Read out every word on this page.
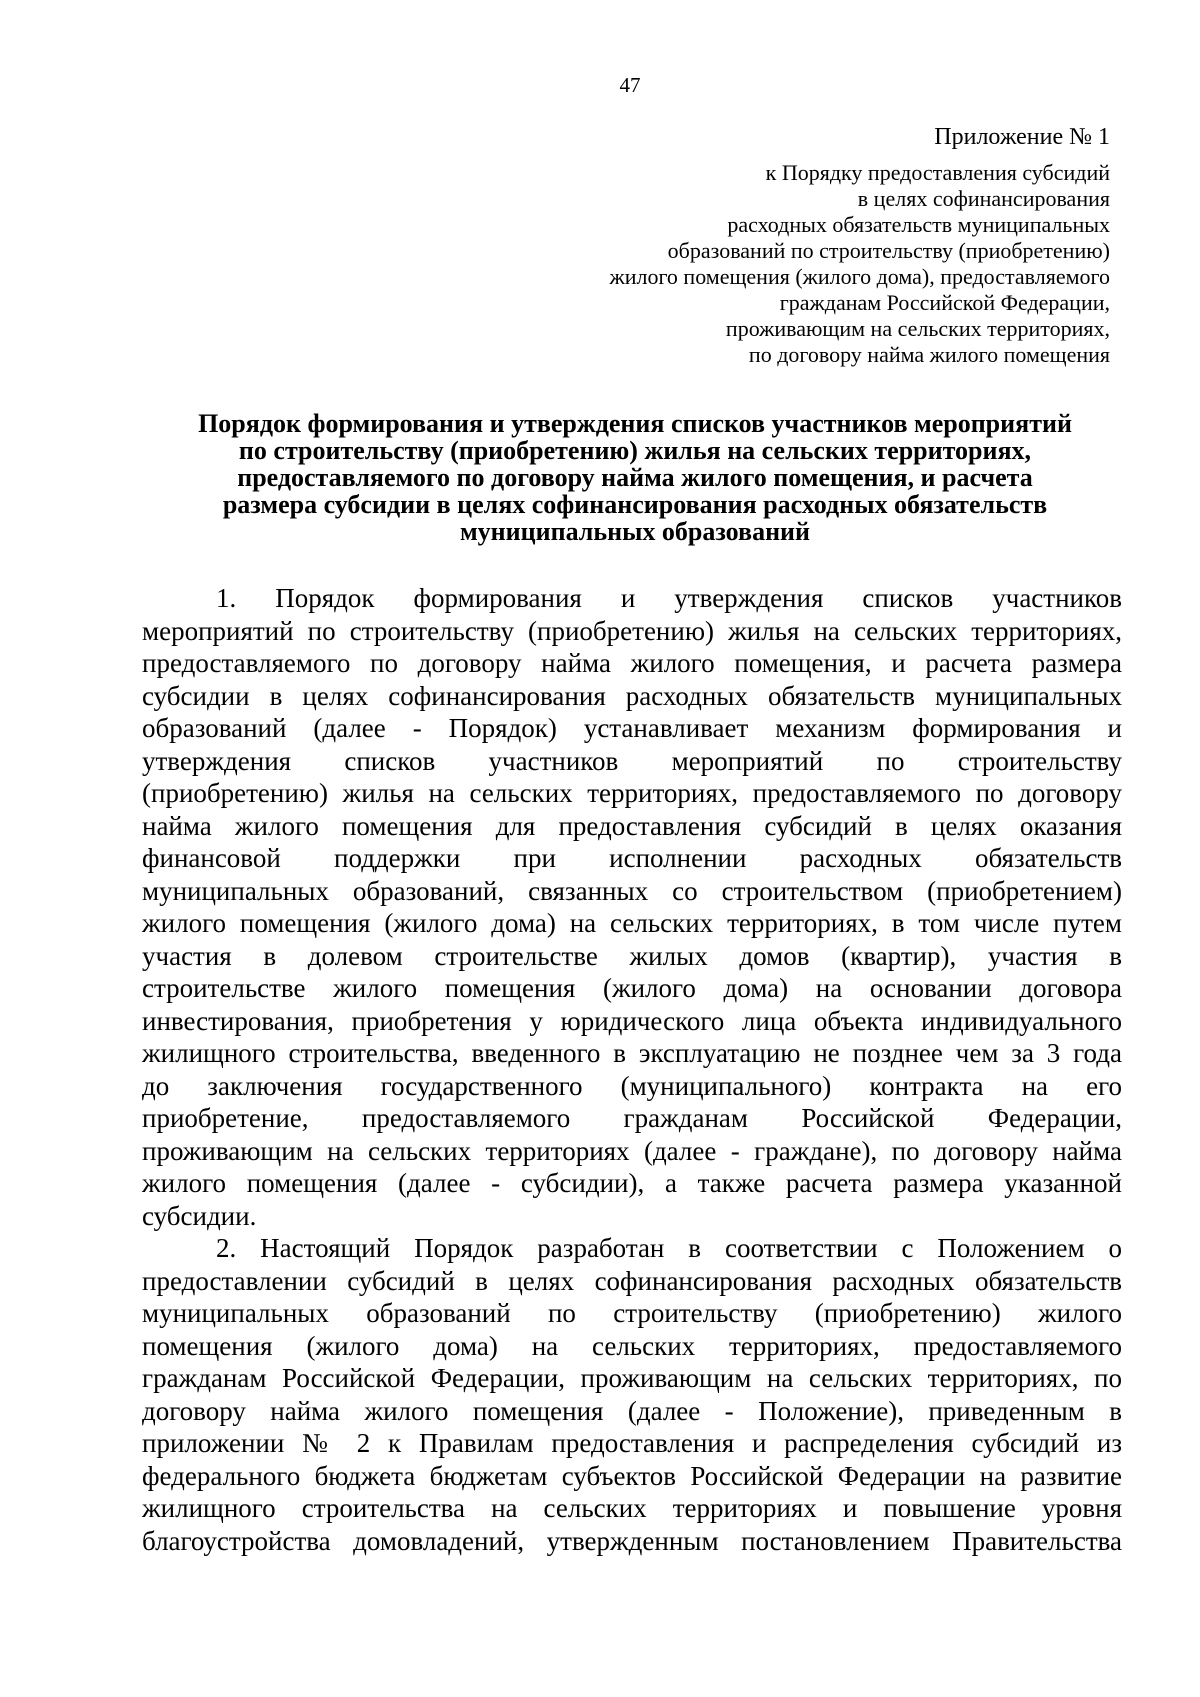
47
Приложение № 1
к Порядку предоставления субсидий
в целях софинансирования
расходных обязательств муниципальных
образований по строительству (приобретению)
жилого помещения (жилого дома), предоставляемого
гражданам Российской Федерации,
проживающим на сельских территориях,
по договору найма жилого помещения
Порядок формирования и утверждения списков участников мероприятий
по строительству (приобретению) жилья на сельских территориях,
предоставляемого по договору найма жилого помещения, и расчета
размера субсидии в целях софинансирования расходных обязательств
муниципальных образований
1. Порядок формирования и утверждения списков участников
мероприятий по строительству (приобретению) жилья на сельских территориях,
предоставляемого по договору найма жилого помещения, и расчета размера
субсидии в целях софинансирования расходных обязательств муниципальных
образований (далее - Порядок) устанавливает механизм формирования и
утверждения списков участников мероприятий по строительству
(приобретению) жилья на сельских территориях, предоставляемого по договору
найма жилого помещения для предоставления субсидий в целях оказания
финансовой поддержки при исполнении расходных обязательств
муниципальных образований, связанных со строительством (приобретением)
жилого помещения (жилого дома) на сельских территориях, в том числе путем
участия в долевом строительстве жилых домов (квартир), участия в
строительстве жилого помещения (жилого дома) на основании договора
инвестирования, приобретения у юридического лица объекта индивидуального
жилищного строительства, введенного в эксплуатацию не позднее чем за 3 года
до заключения государственного (муниципального) контракта на его
приобретение, предоставляемого гражданам Российской Федерации,
проживающим на сельских территориях (далее - граждане), по договору найма
жилого помещения (далее - субсидии), а также расчета размера указанной
субсидии.
2. Настоящий Порядок разработан в соответствии с Положением о
предоставлении субсидий в целях софинансирования расходных обязательств
муниципальных образований по строительству (приобретению) жилого
помещения (жилого дома) на сельских территориях, предоставляемого
гражданам Российской Федерации, проживающим на сельских территориях, по
договору найма жилого помещения (далее - Положение), приведенным в
приложении № 2 к Правилам предоставления и распределения субсидий из
федерального бюджета бюджетам субъектов Российской Федерации на развитие
жилищного строительства на сельских территориях и повышение уровня
благоустройства домовладений, утвержденным постановлением Правительства
